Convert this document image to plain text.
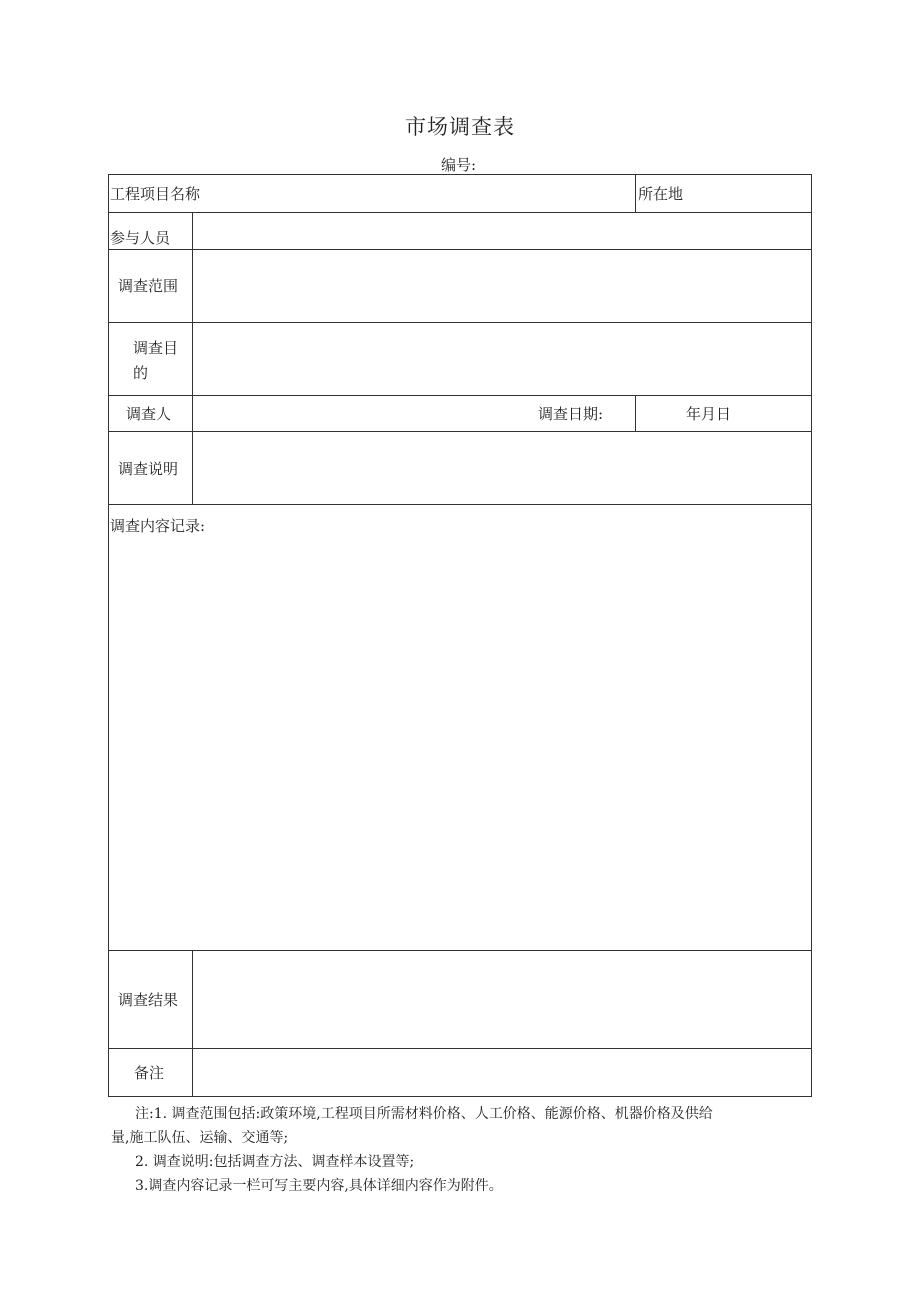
市场调查表
编号:
工程项目名称	所在地
参与人员
调查范围
调查目
的
调查人	调查日期:	年月日
调查说明
调查内容记录:
调查结果
备注

注:1. 调查范围包括:政策环境,工程项目所需材料价格、人工价格、能源价格、机器价格及供给

量,施工队伍、运输、交通等;

2. 调查说明:包括调查方法、调查样本设置等;

3.调查内容记录一栏可写主要内容,具体详细内容作为附件。
